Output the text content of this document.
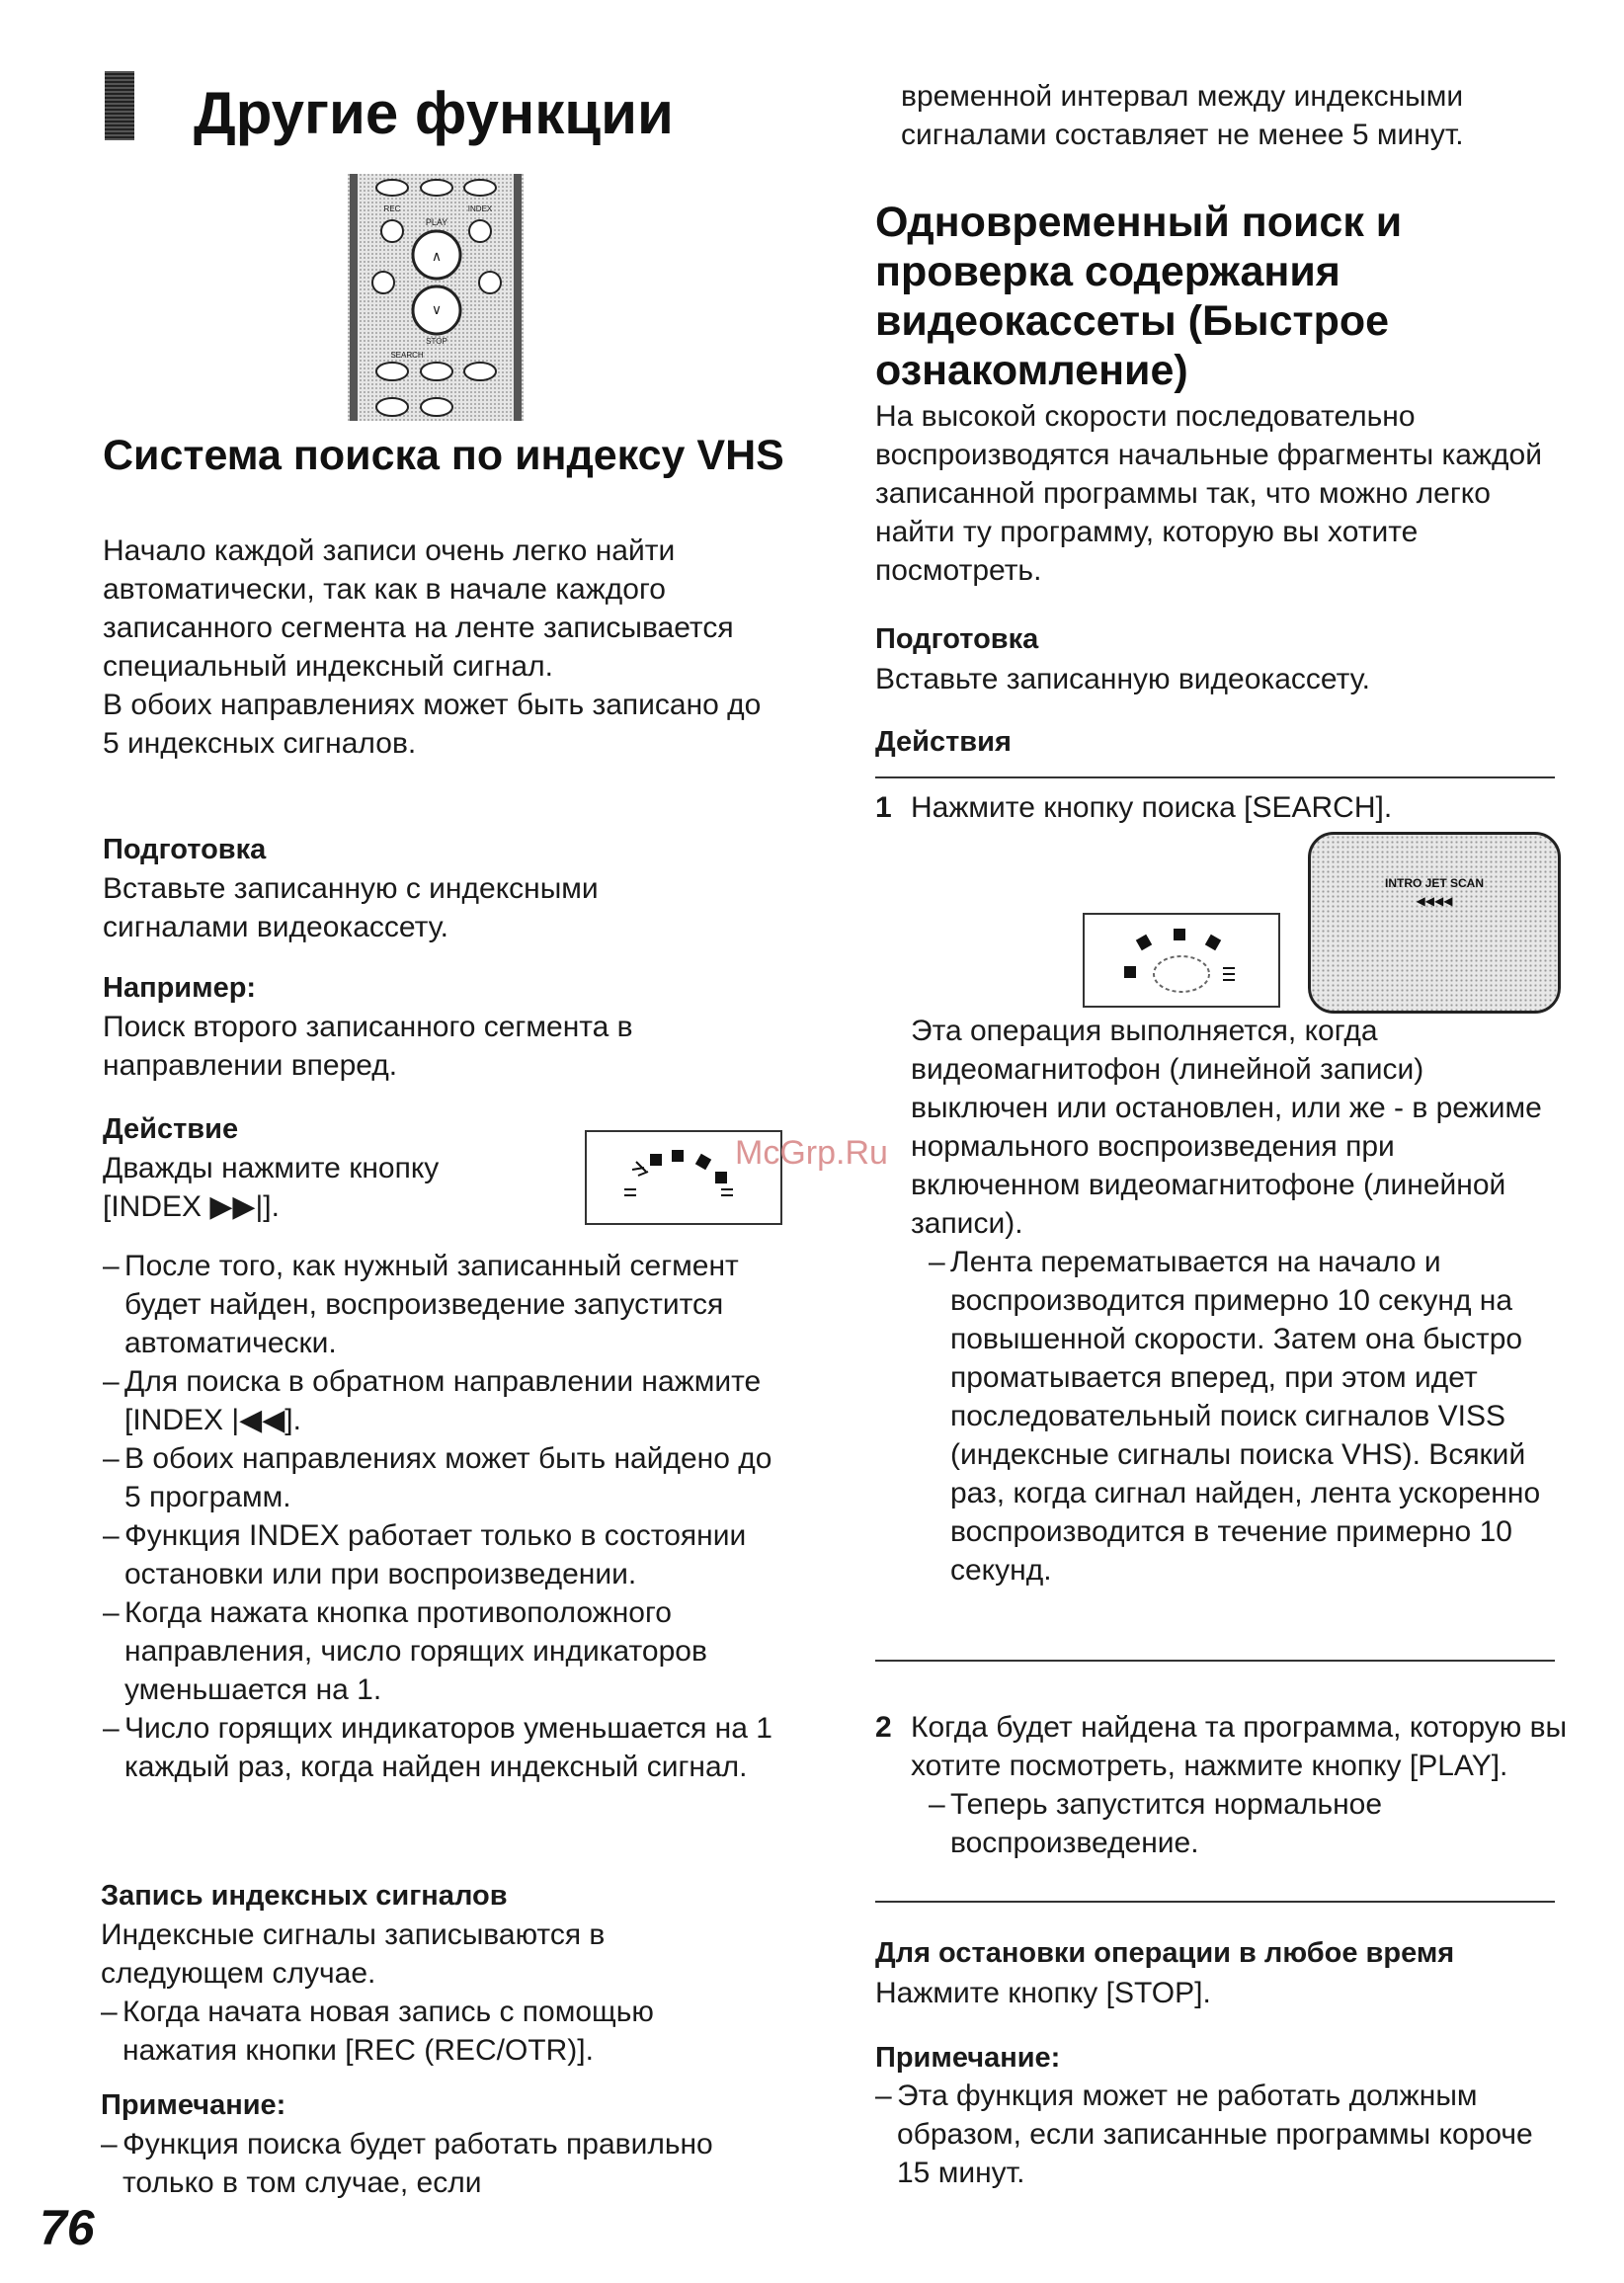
Другие функции
REC	INDEX
PLAY
∧
∨
STOP
SEARCH
Система поиска по индексу VHS

Начало каждой записи очень легко найти автоматически, так как в начале каждого записанного сегмента на ленте записывается специальный индексный сигнал.

В обоих направлениях может быть записано до 5 индексных сигналов.

Подготовка
Вставьте записанную с индексными сигналами видеокассету.
Например:
Поиск второго записанного сегмента в направлении вперед.
Действие
Дважды нажмите кнопку [INDEX ▶▶|].

– После того, как нужный записанный сегмент будет найден, воспроизведение запустится автоматически.

– Для поиска в обратном направлении нажмите [INDEX |◀◀].

– В обоих направлениях может быть найдено до 5 программ.

– Функция INDEX работает только в состоянии остановки или при воспроизведении.

– Когда нажата кнопка противоположного направления, число горящих индикаторов уменьшается на 1.

– Число горящих индикаторов уменьшается на 1 каждый раз, когда найден индексный сигнал.

Запись индексных сигналов

Индексные сигналы записываются в следующем случае.

– Когда начата новая запись с помощью нажатия кнопки [REC (REC/OTR)].

Примечание:

– Функция поиска будет работать правильно только в том случае, если

76

временной интервал между индексными сигналами составляет не менее 5 минут.

Одновременный поиск и проверка содержания видеокассеты (Быстрое ознакомление)
На высокой скорости последовательно воспроизводятся начальные фрагменты каждой записанной программы так, что можно легко найти ту программу, которую вы хотите посмотреть.
Подготовка
Вставьте записанную видеокассету.
Действия
1 Нажмите кнопку поиска [SEARCH].
INTRO JET SCAN
◀◀◀◀

Эта операция выполняется, когда видеомагнитофон (линейной записи) выключен или остановлен, или же - в режиме нормального воспроизведения при включенном видеомагнитофоне (линейной записи).

– Лента перематывается на начало и воспроизводится примерно 10 секунд на повышенной скорости. Затем она быстро проматывается вперед, при этом идет последовательный поиск сигналов VISS (индексные сигналы поиска VHS). Всякий раз, когда сигнал найден, лента ускоренно воспроизводится в течение примерно 10 секунд.

2 Когда будет найдена та программа, которую вы хотите посмотреть, нажмите кнопку [PLAY].

– Теперь запустится нормальное воспроизведение.

Для остановки операции в любое время
Нажмите кнопку [STOP].
Примечание:

– Эта функция может не работать должным образом, если записанные программы короче 15 минут.

McGrp.Ru
